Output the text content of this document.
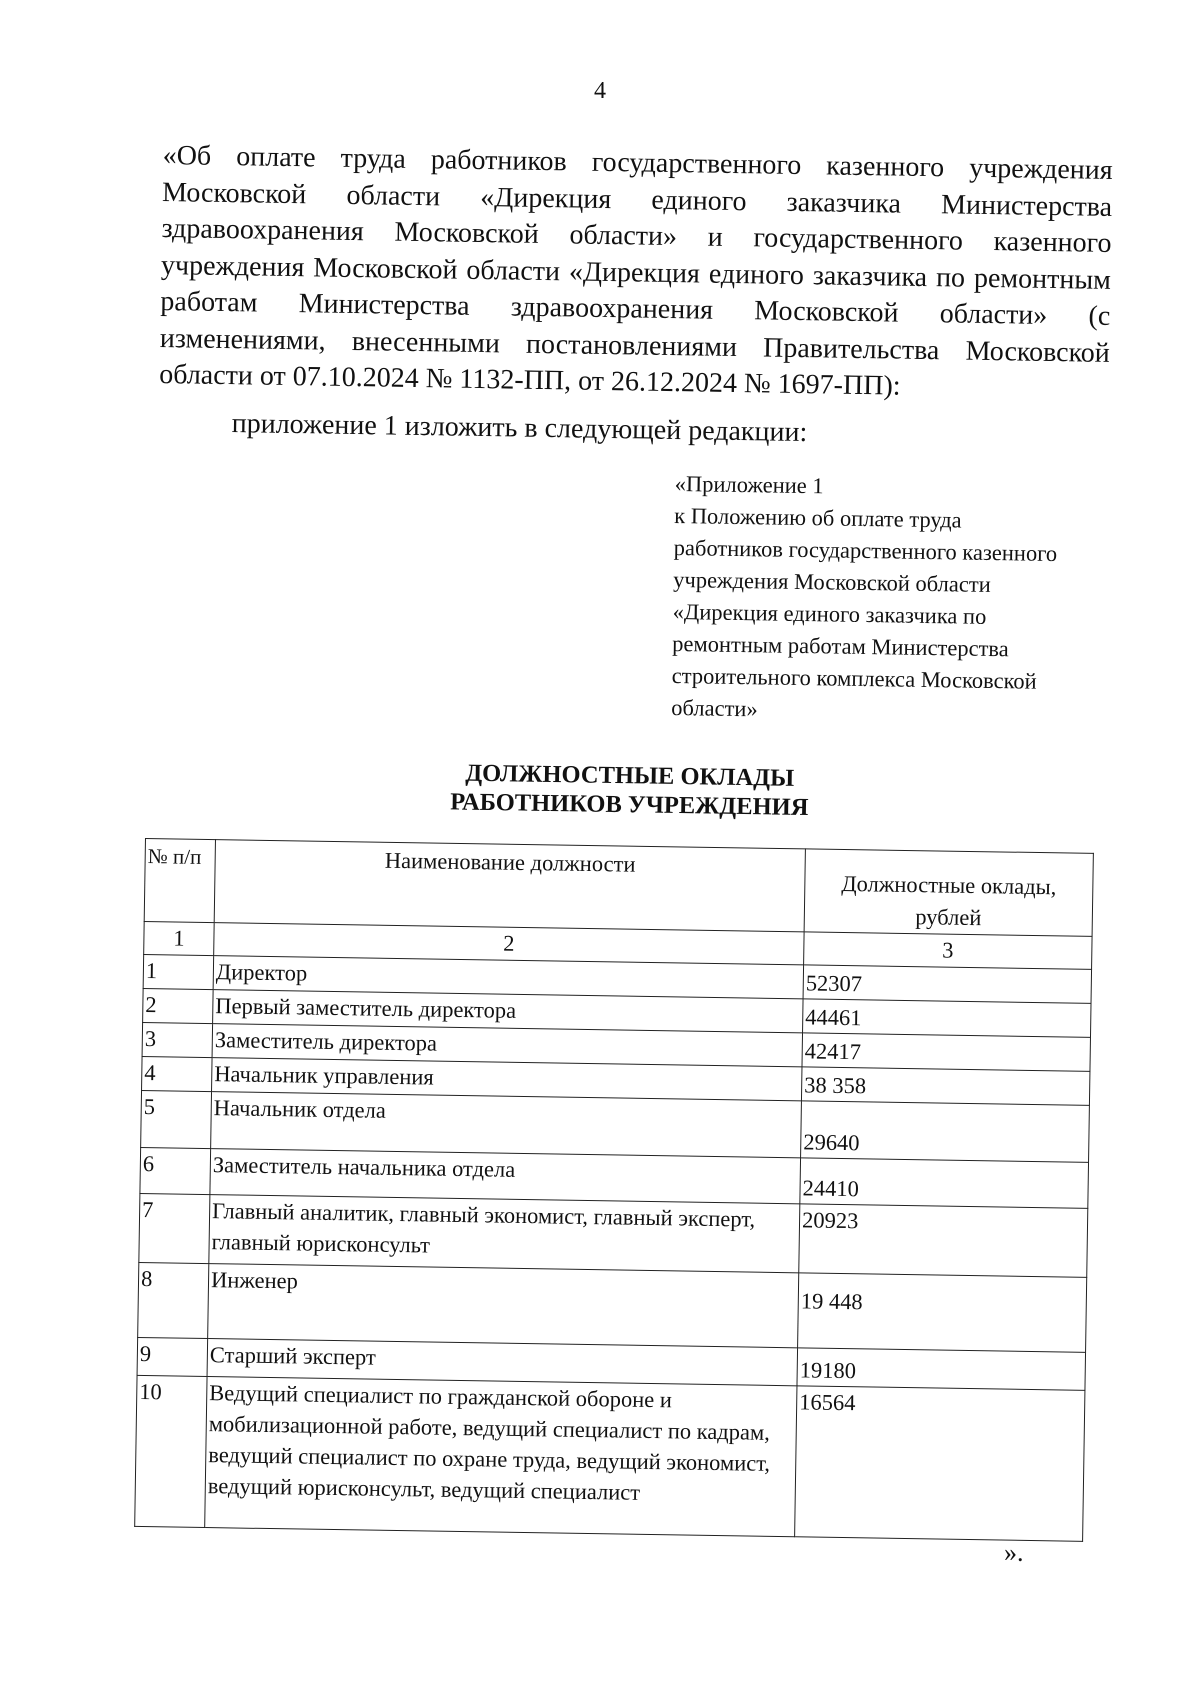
4

«Об оплате труда работников государственного казенного учреждения Московской области «Дирекция единого заказчика Министерства здравоохранения Московской области» и государственного казенного учреждения Московской области «Дирекция единого заказчика по ремонтным работам Министерства здравоохранения Московской области» (с изменениями, внесенными постановлениями Правительства Московской области от 07.10.2024 № 1132-ПП, от 26.12.2024 № 1697-ПП):

приложение 1 изложить в следующей редакции:
«Приложение 1
к Положению об оплате труда
работников государственного казенного
учреждения Московской области
«Дирекция единого заказчика по
ремонтным работам Министерства
строительного комплекса Московской
области»
ДОЛЖНОСТНЫЕ ОКЛАДЫ
РАБОТНИКОВ УЧРЕЖДЕНИЯ
№ п/п	Наименование должности	Должностные оклады, рублей
1	2	3
1	Директор	52307
2	Первый заместитель директора	44461
3	Заместитель директора	42417
4	Начальник управления	38 358
5	Начальник отдела	29640
6	Заместитель начальника отдела	24410
7	Главный аналитик, главный экономист, главный эксперт, главный юрисконсульт	20923
8	Инженер	19 448
9	Старший эксперт	19180
10	Ведущий специалист по гражданской обороне и мобилизационной работе, ведущий специалист по кадрам, ведущий специалист по охране труда, ведущий экономист, ведущий юрисконсульт, ведущий специалист	16564
».
